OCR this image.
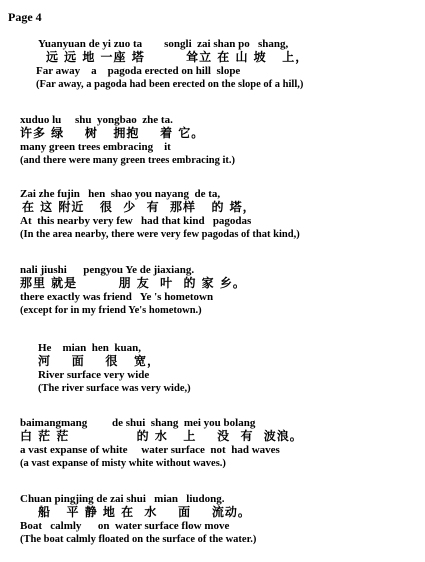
Page 4
Yuanyuan de yi zuo ta        songli  zai shan po   shang,
远 远 地 一座 塔        耸立 在 山 坡   上，
Far away    a    pagoda erected on hill  slope
(Far away, a pagoda had been erected on the slope of a hill,)
xuduo lu     shu  yongbao  zhe ta.
许多 绿    树   拥抱    着 它。
many green trees embracing    it
(and there were many green trees embracing it.)
Zai zhe fujin   hen  shao you nayang  de ta,
在 这 附近   很  少  有  那样   的 塔，
At  this nearby very few   had that kind   pagodas
(In the area nearby, there were very few pagodas of that kind,)
nali jiushi      pengyou Ye de jiaxiang.
那里 就是        朋 友  叶  的 家 乡。
there exactly was friend   Ye 's hometown
(except for in my friend Ye's hometown.)
He    mian  hen  kuan,
河    面    很   宽，
River surface very wide
(The river surface was very wide,)
baimangmang         de shui  shang  mei you bolang
白 茫 茫             的 水   上    没  有  波浪。
a vast expanse of white     water surface  not  had waves
(a vast expanse of misty white without waves.)
Chuan pingjing de zai shui   mian   liudong.
船   平 静 地 在  水    面    流动。
Boat   calmly      on  water surface flow move
(The boat calmly floated on the surface of the water.)
